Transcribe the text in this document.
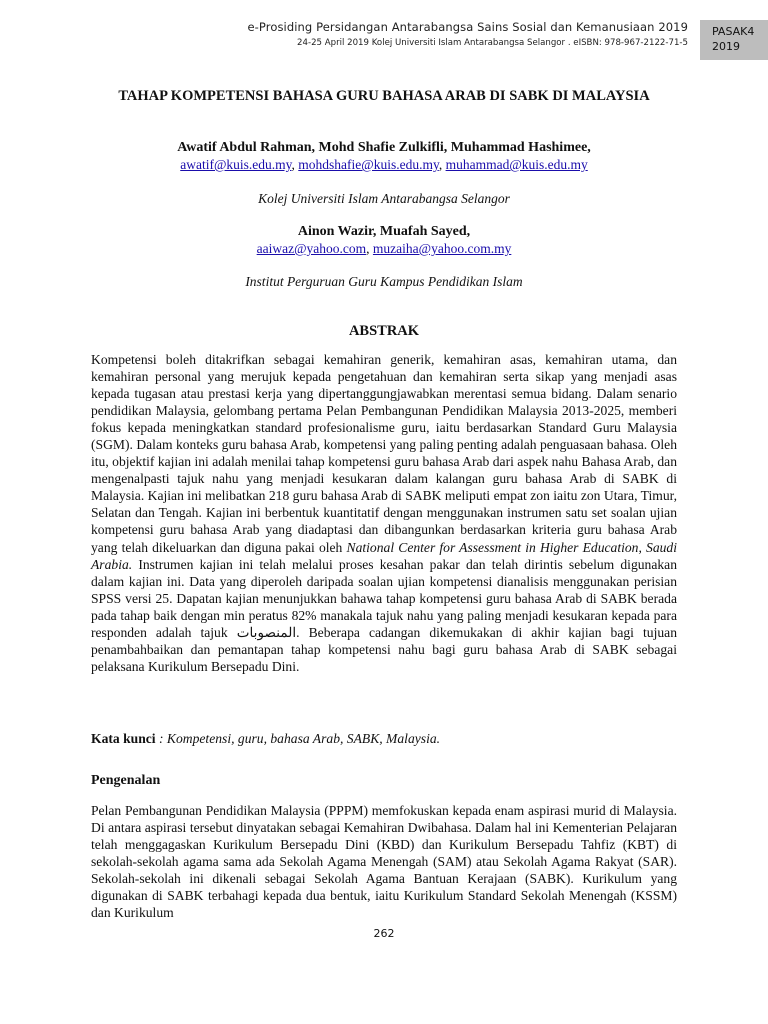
e-Prosiding Persidangan Antarabangsa Sains Sosial dan Kemanusiaan 2019
24-25 April 2019 Kolej Universiti Islam Antarabangsa Selangor . eISBN: 978-967-2122-71-5
PASAK4
2019
TAHAP KOMPETENSI BAHASA GURU BAHASA ARAB DI SABK DI MALAYSIA
Awatif Abdul Rahman, Mohd Shafie Zulkifli, Muhammad Hashimee,
awatif@kuis.edu.my, mohdshafie@kuis.edu.my, muhammad@kuis.edu.my
Kolej Universiti Islam Antarabangsa Selangor
Ainon Wazir, Muafah Sayed,
aaiwaz@yahoo.com, muzaiha@yahoo.com.my
Institut Perguruan Guru Kampus Pendidikan Islam
ABSTRAK

Kompetensi boleh ditakrifkan sebagai kemahiran generik, kemahiran asas, kemahiran utama, dan kemahiran personal yang merujuk kepada pengetahuan dan kemahiran serta sikap yang menjadi asas kepada tugasan atau prestasi kerja yang dipertanggungjawabkan merentasi semua bidang. Dalam senario pendidikan Malaysia, gelombang pertama Pelan Pembangunan Pendidikan Malaysia 2013-2025, memberi fokus kepada meningkatkan standard profesionalisme guru, iaitu berdasarkan Standard Guru Malaysia (SGM). Dalam konteks guru bahasa Arab, kompetensi yang paling penting adalah penguasaan bahasa. Oleh itu, objektif kajian ini adalah menilai tahap kompetensi guru bahasa Arab dari aspek nahu Bahasa Arab, dan mengenalpasti tajuk nahu yang menjadi kesukaran dalam kalangan guru bahasa Arab di SABK di Malaysia. Kajian ini melibatkan 218 guru bahasa Arab di SABK meliputi empat zon iaitu zon Utara, Timur, Selatan dan Tengah. Kajian ini berbentuk kuantitatif dengan menggunakan instrumen satu set soalan ujian kompetensi guru bahasa Arab yang diadaptasi dan dibangunkan berdasarkan kriteria guru bahasa Arab yang telah dikeluarkan dan diguna pakai oleh National Center for Assessment in Higher Education, Saudi Arabia. Instrumen kajian ini telah melalui proses kesahan pakar dan telah dirintis sebelum digunakan dalam kajian ini. Data yang diperoleh daripada soalan ujian kompetensi dianalisis menggunakan perisian SPSS versi 25. Dapatan kajian menunjukkan bahawa tahap kompetensi guru bahasa Arab di SABK berada pada tahap baik dengan min peratus 82% manakala tajuk nahu yang paling menjadi kesukaran kepada para responden adalah tajuk المنصوبات. Beberapa cadangan dikemukakan di akhir kajian bagi tujuan penambahbaikan dan pemantapan tahap kompetensi nahu bagi guru bahasa Arab di SABK sebagai pelaksana Kurikulum Bersepadu Dini.

Kata kunci : Kompetensi, guru, bahasa Arab, SABK, Malaysia.
Pengenalan

Pelan Pembangunan Pendidikan Malaysia (PPPM) memfokuskan kepada enam aspirasi murid di Malaysia. Di antara aspirasi tersebut dinyatakan sebagai Kemahiran Dwibahasa. Dalam hal ini Kementerian Pelajaran telah menggagaskan Kurikulum Bersepadu Dini (KBD) dan Kurikulum Bersepadu Tahfiz (KBT) di sekolah-sekolah agama sama ada Sekolah Agama Menengah (SAM) atau Sekolah Agama Rakyat (SAR). Sekolah-sekolah ini dikenali sebagai Sekolah Agama Bantuan Kerajaan (SABK). Kurikulum yang digunakan di SABK terbahagi kepada dua bentuk, iaitu Kurikulum Standard Sekolah Menengah (KSSM) dan Kurikulum

262
